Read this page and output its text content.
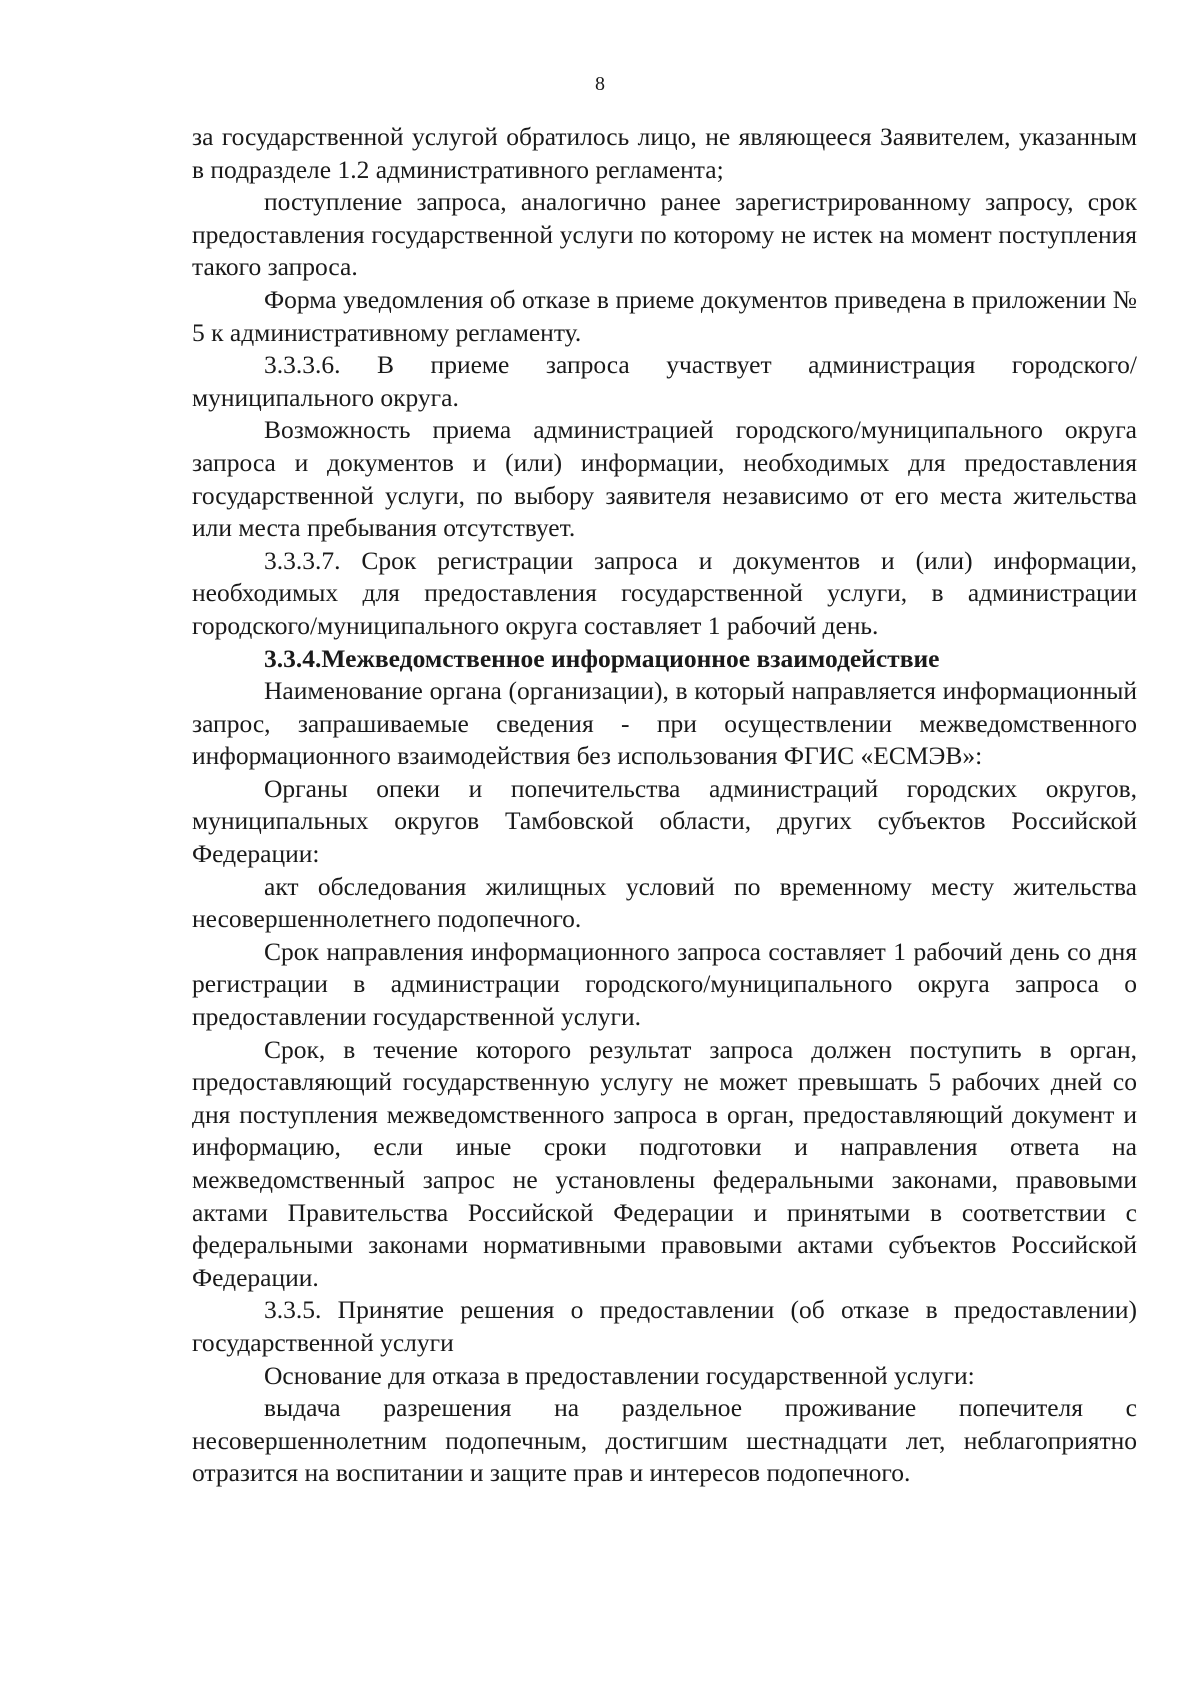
8

за государственной услугой обратилось лицо, не являющееся Заявителем, указанным в подразделе 1.2 административного регламента;

поступление запроса, аналогично ранее зарегистрированному запросу, срок предоставления государственной услуги по которому не истек на момент поступления такого запроса.

Форма уведомления об отказе в приеме документов приведена в приложении № 5 к административному регламенту.

3.3.3.6. В приеме запроса участвует администрация городского/муниципального округа.

Возможность приема администрацией городского/муниципального округа запроса и документов и (или) информации, необходимых для предоставления государственной услуги, по выбору заявителя независимо от его места жительства или места пребывания отсутствует.

3.3.3.7. Срок регистрации запроса и документов и (или) информации, необходимых для предоставления государственной услуги, в администрации городского/муниципального округа составляет 1 рабочий день.

3.3.4.Межведомственное информационное взаимодействие

Наименование органа (организации), в который направляется информационный запрос, запрашиваемые сведения - при осуществлении межведомственного информационного взаимодействия без использования ФГИС «ЕСМЭВ»:

Органы опеки и попечительства администраций городских округов, муниципальных округов Тамбовской области, других субъектов Российской Федерации:

акт обследования жилищных условий по временному месту жительства несовершеннолетнего подопечного.

Срок направления информационного запроса составляет 1 рабочий день со дня регистрации в администрации городского/муниципального округа запроса о предоставлении государственной услуги.

Срок, в течение которого результат запроса должен поступить в орган, предоставляющий государственную услугу не может превышать 5 рабочих дней со дня поступления межведомственного запроса в орган, предоставляющий документ и информацию, если иные сроки подготовки и направления ответа на межведомственный запрос не установлены федеральными законами, правовыми актами Правительства Российской Федерации и принятыми в соответствии с федеральными законами нормативными правовыми актами субъектов Российской Федерации.

3.3.5. Принятие решения о предоставлении (об отказе в предоставлении) государственной услуги

Основание для отказа в предоставлении государственной услуги:

выдача разрешения на раздельное проживание попечителя с несовершеннолетним подопечным, достигшим шестнадцати лет, неблагоприятно отразится на воспитании и защите прав и интересов подопечного.
